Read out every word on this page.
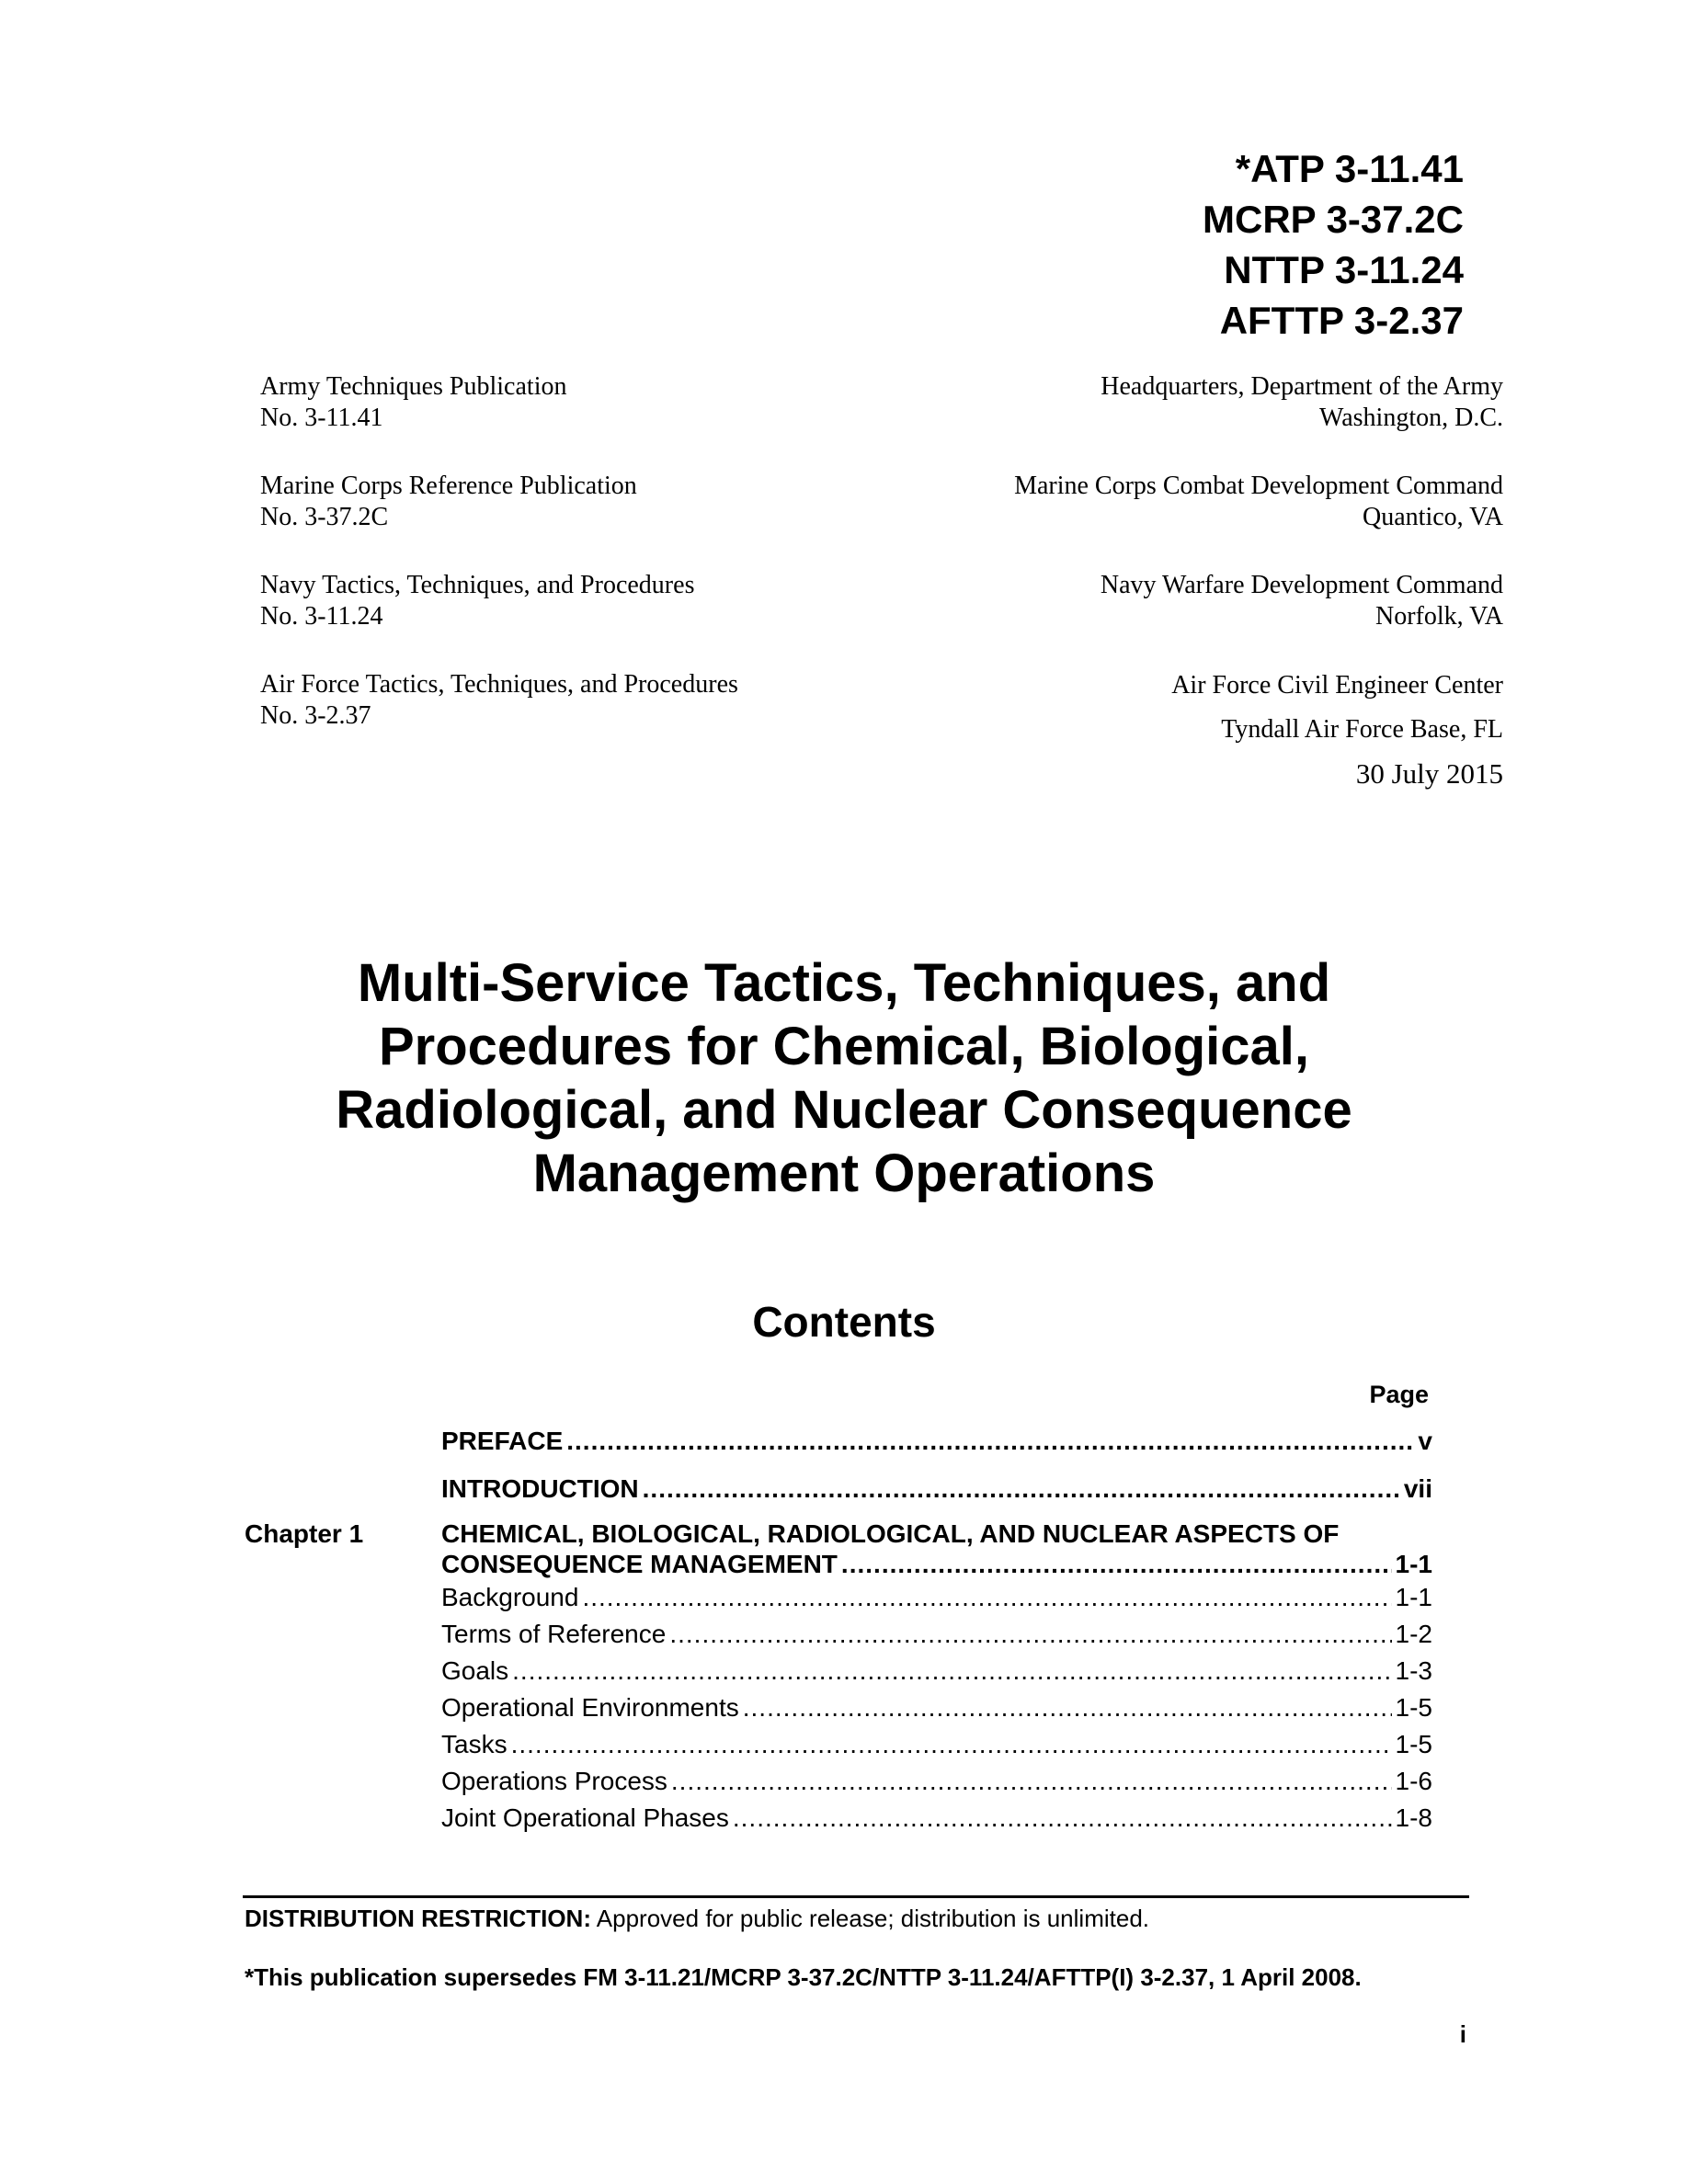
*ATP 3-11.41
MCRP 3-37.2C
NTTP 3-11.24
AFTTP 3-2.37
Army Techniques Publication
No. 3-11.41
Marine Corps Reference Publication
No. 3-37.2C
Navy Tactics, Techniques, and Procedures
No. 3-11.24
Air Force Tactics, Techniques, and Procedures
No. 3-2.37
Headquarters, Department of the Army
Washington, D.C.
Marine Corps Combat Development Command
Quantico, VA
Navy Warfare Development Command
Norfolk, VA
Air Force Civil Engineer Center
Tyndall Air Force Base, FL
30 July 2015
Multi-Service Tactics, Techniques, and
Procedures for Chemical, Biological,
Radiological, and Nuclear Consequence
Management Operations
Contents
Page
PREFACE .....	v
INTRODUCTION .....	vii
Chapter 1	CHEMICAL, BIOLOGICAL, RADIOLOGICAL, AND NUCLEAR ASPECTS OF
CONSEQUENCE MANAGEMENT .....	1-1
Background .....	1-1
Terms of Reference .....	1-2
Goals .....	1-3
Operational Environments .....	1-5
Tasks .....	1-5
Operations Process .....	1-6
Joint Operational Phases .....	1-8
DISTRIBUTION RESTRICTION: Approved for public release; distribution is unlimited.
*This publication supersedes FM 3-11.21/MCRP 3-37.2C/NTTP 3-11.24/AFTTP(I) 3-2.37, 1 April 2008.
i
